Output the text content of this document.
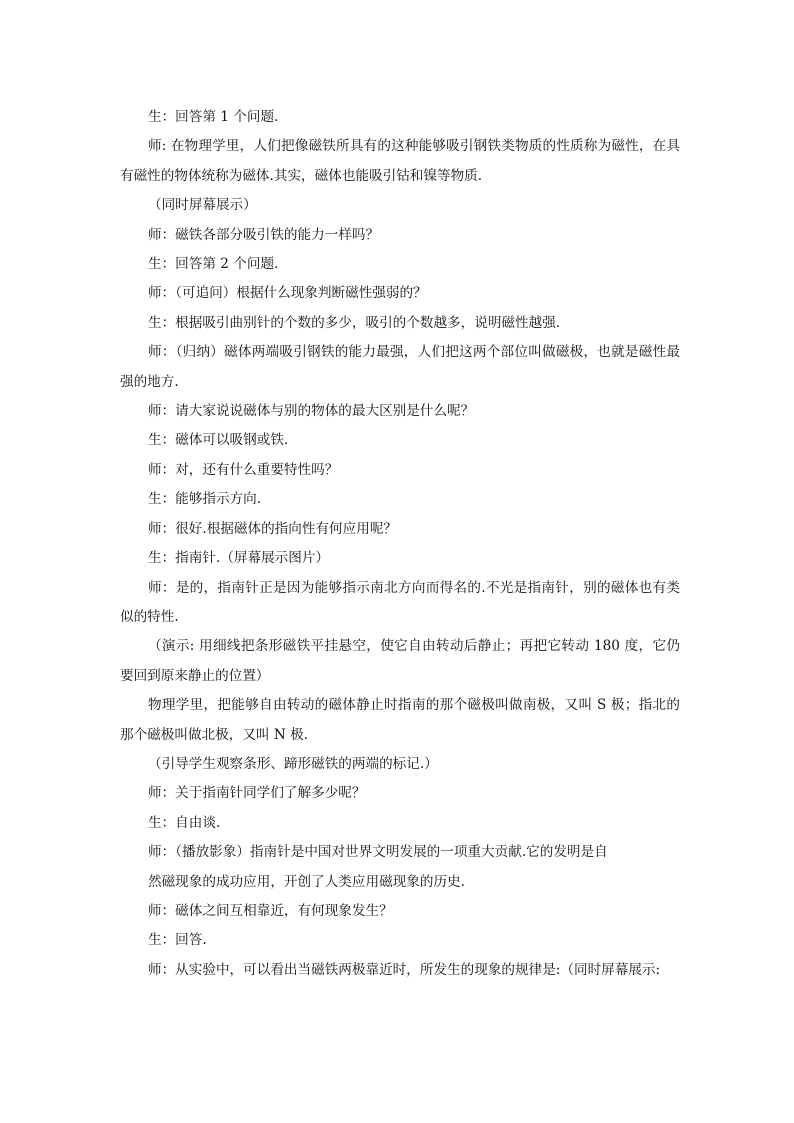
生：回答第 1 个问题.

师: 在物理学里，人们把像磁铁所具有的这种能够吸引钢铁类物质的性质称为磁性，在具有磁性的物体统称为磁体.其实，磁体也能吸引钴和镍等物质.

（同时屏幕展示）

师：磁铁各部分吸引铁的能力一样吗？

生：回答第 2 个问题.

师：（可追问）根据什么现象判断磁性强弱的？

生：根据吸引曲别针的个数的多少，吸引的个数越多，说明磁性越强.

师：（归纳）磁体两端吸引钢铁的能力最强，人们把这两个部位叫做磁极，也就是磁性最强的地方.

师：请大家说说磁体与别的物体的最大区别是什么呢？

生：磁体可以吸钢或铁.

师：对，还有什么重要特性吗？

生：能够指示方向.

师：很好.根据磁体的指向性有何应用呢？

生：指南针.（屏幕展示图片）

师：是的，指南针正是因为能够指示南北方向而得名的.不光是指南针，别的磁体也有类似的特性.

（演示: 用细线把条形磁铁平挂悬空，使它自由转动后静止；再把它转动 180 度，它仍要回到原来静止的位置）

物理学里，把能够自由转动的磁体静止时指南的那个磁极叫做南极，又叫 S 极；指北的那个磁极叫做北极，又叫 N 极.

（引导学生观察条形、蹄形磁铁的两端的标记.）

师：关于指南针同学们了解多少呢？

生：自由谈.

师：（播放影象）指南针是中国对世界文明发展的一项重大贡献.它的发明是自

然磁现象的成功应用，开创了人类应用磁现象的历史.

师：磁体之间互相靠近，有何现象发生？

生：回答.

师：从实验中，可以看出当磁铁两极靠近时，所发生的现象的规律是:（同时屏幕展示:
